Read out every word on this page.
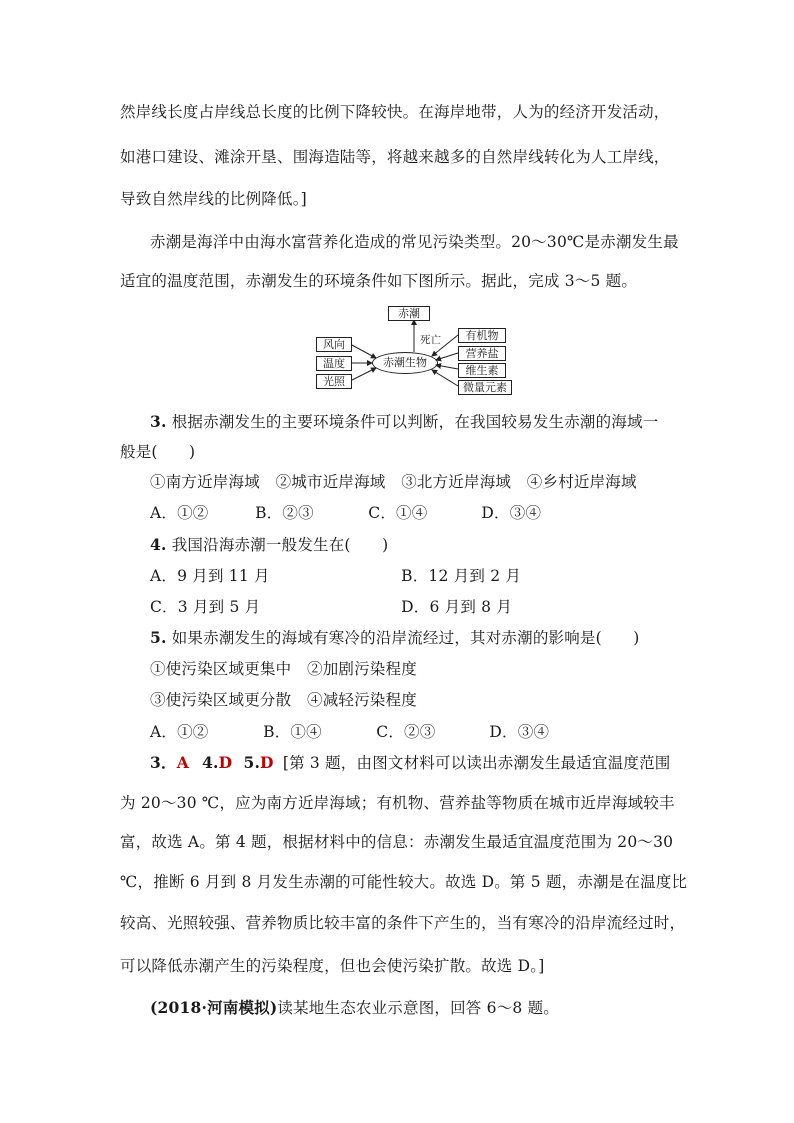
然岸线长度占岸线总长度的比例下降较快。在海岸地带，人为的经济开发活动，
如港口建设、滩涂开垦、围海造陆等，将越来越多的自然岸线转化为人工岸线，
导致自然岸线的比例降低。]
赤潮是海洋中由海水富营养化造成的常见污染类型。20～30℃是赤潮发生最
适宜的温度范围，赤潮发生的环境条件如下图所示。据此，完成 3～5 题。
赤潮
死亡
赤潮生物
风向
温度
光照
有机物
营养盐
维生素
微量元素
3. 根据赤潮发生的主要环境条件可以判断，在我国较易发生赤潮的海域一
般是(　　)
①南方近岸海域　②城市近岸海域　③北方近岸海域　④乡村近岸海域
A．①②	B．②③	C．①④	D．③④
4. 我国沿海赤潮一般发生在(　　)
A．9 月到 11 月	B．12 月到 2 月
C．3 月到 5 月	D．6 月到 8 月
5. 如果赤潮发生的海域有寒冷的沿岸流经过，其对赤潮的影响是(　　)
①使污染区域更集中　②加剧污染程度
③使污染区域更分散　④减轻污染程度
A．①②	B．①④	C．②③	D．③④
3．A 4.D 5.D [第 3 题，由图文材料可以读出赤潮发生最适宜温度范围
为 20～30 ℃，应为南方近岸海域；有机物、营养盐等物质在城市近岸海域较丰
富，故选 A。第 4 题，根据材料中的信息：赤潮发生最适宜温度范围为 20～30
℃，推断 6 月到 8 月发生赤潮的可能性较大。故选 D。第 5 题，赤潮是在温度比
较高、光照较强、营养物质比较丰富的条件下产生的，当有寒冷的沿岸流经过时，
可以降低赤潮产生的污染程度，但也会使污染扩散。故选 D。]
(2018·河南模拟)读某地生态农业示意图，回答 6～8 题。
